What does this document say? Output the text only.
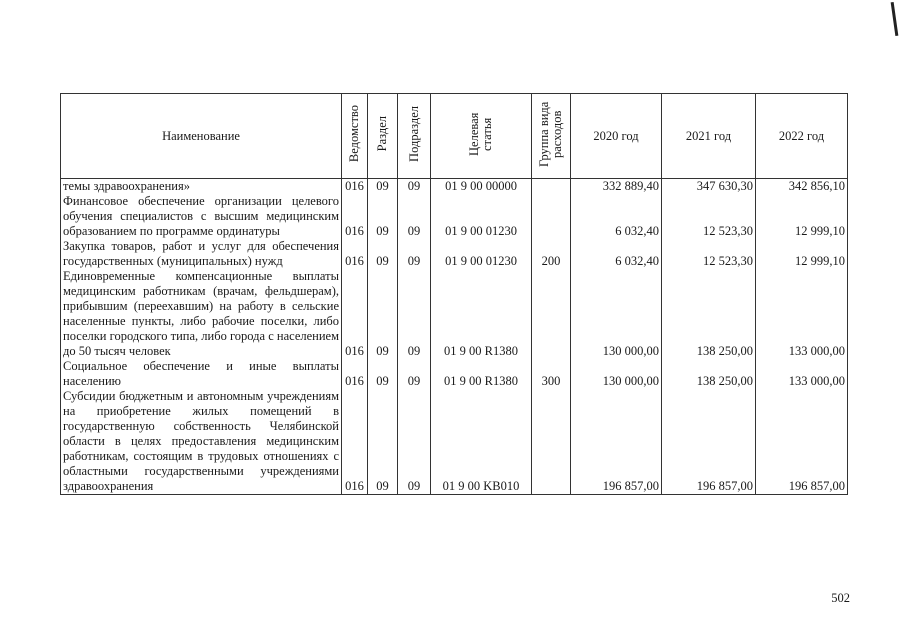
Наименование	Ведомство	Раздел	Подраздел	Целевая статья	Группа вида расходов	2020 год	2021 год	2022 год
темы здравоохранения»	016	09	09	01 9 00 00000		332 889,40	347 630,30	342 856,10
Финансовое обеспечение организации целевого обучения специалистов с высшим медицинским образованием по программе ординатуры	016	09	09	01 9 00 01230		6 032,40	12 523,30	12 999,10
Закупка товаров, работ и услуг для обеспечения государственных (муниципальных) нужд	016	09	09	01 9 00 01230	200	6 032,40	12 523,30	12 999,10
Единовременные компенсационные выплаты медицинским работникам (врачам, фельдшерам), прибывшим (переехавшим) на работу в сельские населенные пункты, либо рабочие поселки, либо поселки городского типа, либо города с населением до 50 тысяч человек	016	09	09	01 9 00 R1380		130 000,00	138 250,00	133 000,00
Социальное обеспечение и иные выплаты населению	016	09	09	01 9 00 R1380	300	130 000,00	138 250,00	133 000,00
Субсидии бюджетным и автономным учреждениям на приобретение жилых помещений в государственную собственность Челябинской области в целях предоставления медицинским работникам, состоящим в трудовых отношениях с областными государственными учреждениями здравоохранения	016	09	09	01 9 00 KB010		196 857,00	196 857,00	196 857,00
502
